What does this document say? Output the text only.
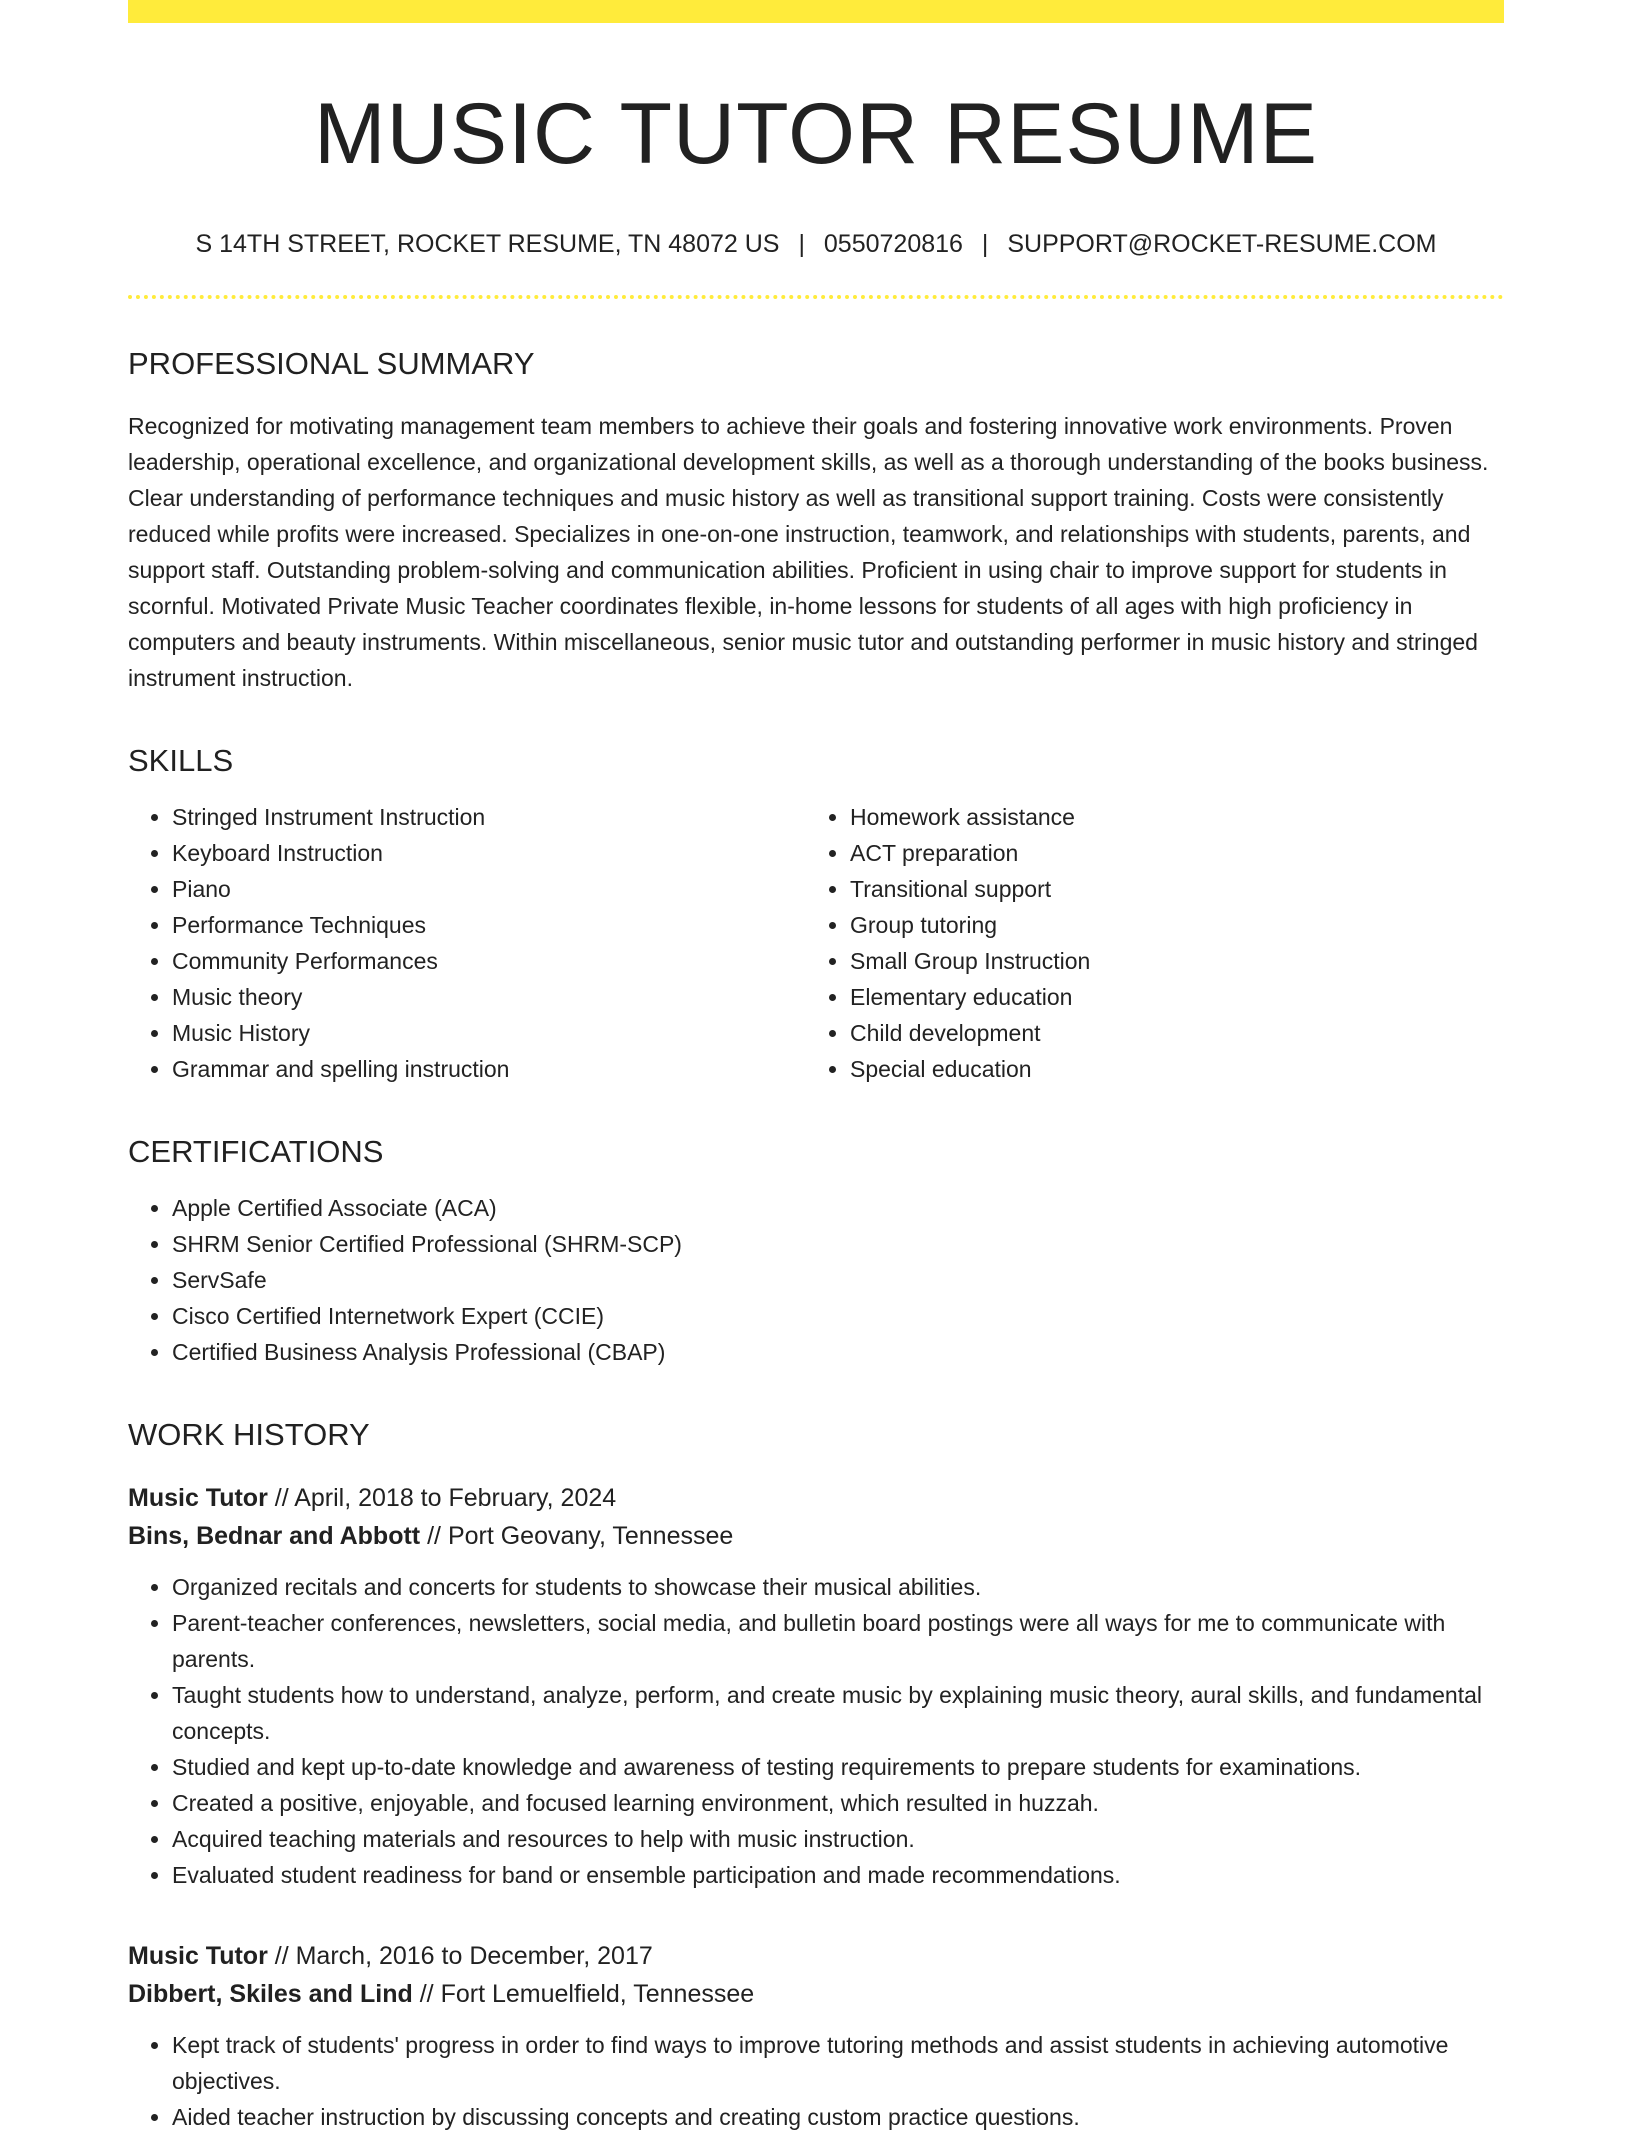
MUSIC TUTOR RESUME
S 14TH STREET, ROCKET RESUME, TN 48072 US | 0550720816 | SUPPORT@ROCKET-RESUME.COM
PROFESSIONAL SUMMARY

Recognized for motivating management team members to achieve their goals and fostering innovative work environments. Proven leadership, operational excellence, and organizational development skills, as well as a thorough understanding of the books business. Clear understanding of performance techniques and music history as well as transitional support training. Costs were consistently reduced while profits were increased. Specializes in one-on-one instruction, teamwork, and relationships with students, parents, and support staff. Outstanding problem-solving and communication abilities. Proficient in using chair to improve support for students in scornful. Motivated Private Music Teacher coordinates flexible, in-home lessons for students of all ages with high proficiency in computers and beauty instruments. Within miscellaneous, senior music tutor and outstanding performer in music history and stringed instrument instruction.

SKILLS
• Stringed Instrument Instruction
• Keyboard Instruction
• Piano
• Performance Techniques
• Community Performances
• Music theory
• Music History
• Grammar and spelling instruction
• Homework assistance
• ACT preparation
• Transitional support
• Group tutoring
• Small Group Instruction
• Elementary education
• Child development
• Special education
CERTIFICATIONS
• Apple Certified Associate (ACA)
• SHRM Senior Certified Professional (SHRM-SCP)
• ServSafe
• Cisco Certified Internetwork Expert (CCIE)
• Certified Business Analysis Professional (CBAP)
WORK HISTORY
Music Tutor // April, 2018 to February, 2024
Bins, Bednar and Abbott // Port Geovany, Tennessee
• Organized recitals and concerts for students to showcase their musical abilities.
• Parent-teacher conferences, newsletters, social media, and bulletin board postings were all ways for me to communicate with parents.
• Taught students how to understand, analyze, perform, and create music by explaining music theory, aural skills, and fundamental concepts.
• Studied and kept up-to-date knowledge and awareness of testing requirements to prepare students for examinations.
• Created a positive, enjoyable, and focused learning environment, which resulted in huzzah.
• Acquired teaching materials and resources to help with music instruction.
• Evaluated student readiness for band or ensemble participation and made recommendations.
Music Tutor // March, 2016 to December, 2017
Dibbert, Skiles and Lind // Fort Lemuelfield, Tennessee
• Kept track of students' progress in order to find ways to improve tutoring methods and assist students in achieving automotive objectives.
• Aided teacher instruction by discussing concepts and creating custom practice questions.
